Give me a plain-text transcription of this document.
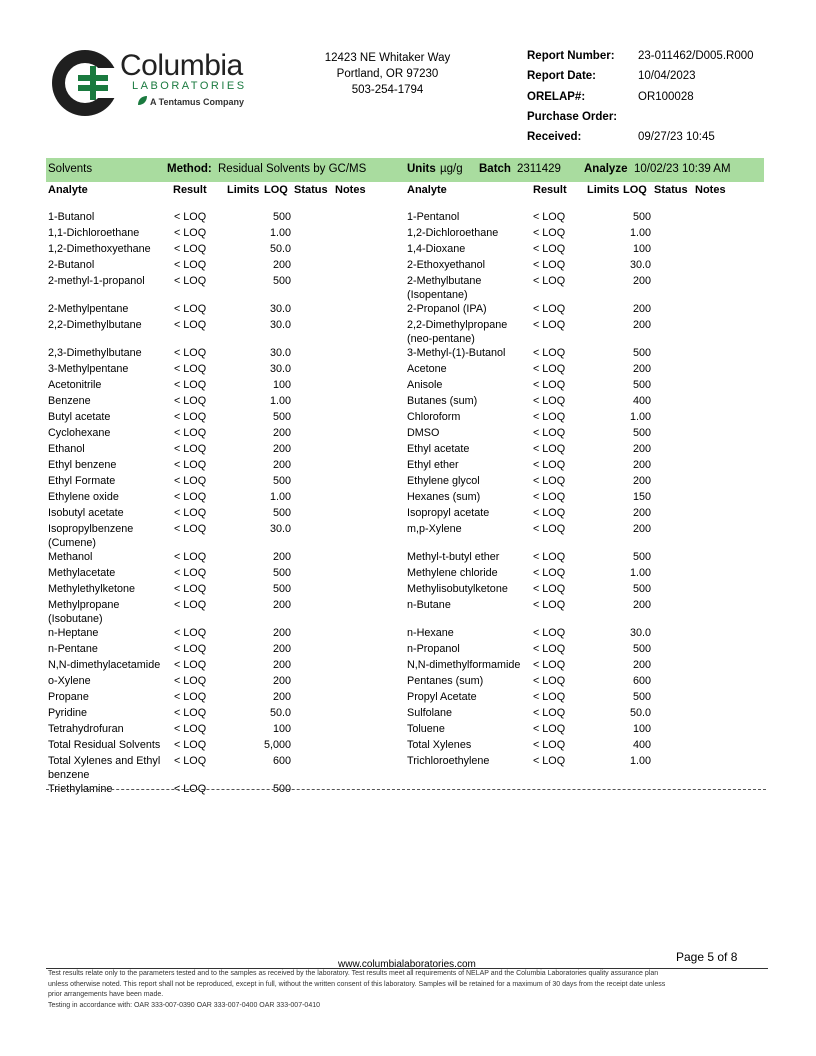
Columbia
LABORATORIES
A Tentamus Company
12423 NE Whitaker Way
Portland, OR 97230
503-254-1794
Report Number: 23-011462/D005.R000
Report Date:	10/04/2023
ORELAP#:	OR100028
Purchase Order:
Received:	09/27/23 10:45
Solvents	Method: Residual Solvents by GC/MS	Units µg/g Batch 2311429 Analyze 10/02/23 10:39 AM
Analyte	Result Limits LOQ Status Notes	Analyte	Result Limits LOQ Status Notes
1-Butanol	< LOQ	500
1,1-Dichloroethane	< LOQ	1.00
1,2-Dimethoxyethane	< LOQ	50.0
2-Butanol	< LOQ	200
2-methyl-1-propanol	< LOQ	500
2-Methylpentane	< LOQ	30.0
2,2-Dimethylbutane	< LOQ	30.0
2,3-Dimethylbutane	< LOQ	30.0
3-Methylpentane	< LOQ	30.0
Acetonitrile	< LOQ	100
Benzene	< LOQ	1.00
Butyl acetate	< LOQ	500
Cyclohexane	< LOQ	200
Ethanol	< LOQ	200
Ethyl benzene	< LOQ	200
Ethyl Formate	< LOQ	500
Ethylene oxide	< LOQ	1.00
Isobutyl acetate	< LOQ	500
Isopropylbenzene (Cumene)
< LOQ	30.0
Methanol	< LOQ	200
Methylacetate	< LOQ	500
Methylethylketone	< LOQ	500
Methylpropane (Isobutane)
< LOQ	200
n-Heptane	< LOQ	200
n-Pentane	< LOQ	200
N,N-dimethylacetamide	< LOQ	200
o-Xylene	< LOQ	200
Propane	< LOQ	200
Pyridine	< LOQ	50.0
Tetrahydrofuran	< LOQ	100
Total Residual Solvents	< LOQ	5,000
Total Xylenes and Ethyl benzene
< LOQ	600
Triethylamine	< LOQ	500
1-Pentanol	< LOQ	500
1,2-Dichloroethane	< LOQ	1.00
1,4-Dioxane	< LOQ	100
2-Ethoxyethanol	< LOQ	30.0
2-Methylbutane (Isopentane)
< LOQ	200
2-Propanol (IPA)	< LOQ	200
2,2-Dimethylpropane (neo-pentane)
< LOQ	200
3-Methyl-(1)-Butanol	< LOQ	500
Acetone	< LOQ	200
Anisole	< LOQ	500
Butanes (sum)	< LOQ	400
Chloroform	< LOQ	1.00
DMSO	< LOQ	500
Ethyl acetate	< LOQ	200
Ethyl ether	< LOQ	200
Ethylene glycol	< LOQ	200
Hexanes (sum)	< LOQ	150
Isopropyl acetate	< LOQ	200
m,p-Xylene	< LOQ	200
Methyl-t-butyl ether	< LOQ	500
Methylene chloride	< LOQ	1.00
Methylisobutylketone	< LOQ	500
n-Butane	< LOQ	200
n-Hexane	< LOQ	30.0
n-Propanol	< LOQ	500
N,N-dimethylformamide	< LOQ	200
Pentanes (sum)	< LOQ	600
Propyl Acetate	< LOQ	500
Sulfolane	< LOQ	50.0
Toluene	< LOQ	100
Total Xylenes	< LOQ	400
Trichloroethylene	< LOQ	1.00
Page 5 of 8
www.columbialaboratories.com
Test results relate only to the parameters tested and to the samples as received by the laboratory. Test results meet all requirements of NELAP and the Columbia Laboratories quality assurance plan
unless otherwise noted. This report shall not be reproduced, except in full, without the written consent of this laboratory. Samples will be retained for a maximum of 30 days from the receipt date unless
prior arrangements have been made.
Testing in accordance with: OAR 333-007-0390 OAR 333-007-0400 OAR 333-007-0410
